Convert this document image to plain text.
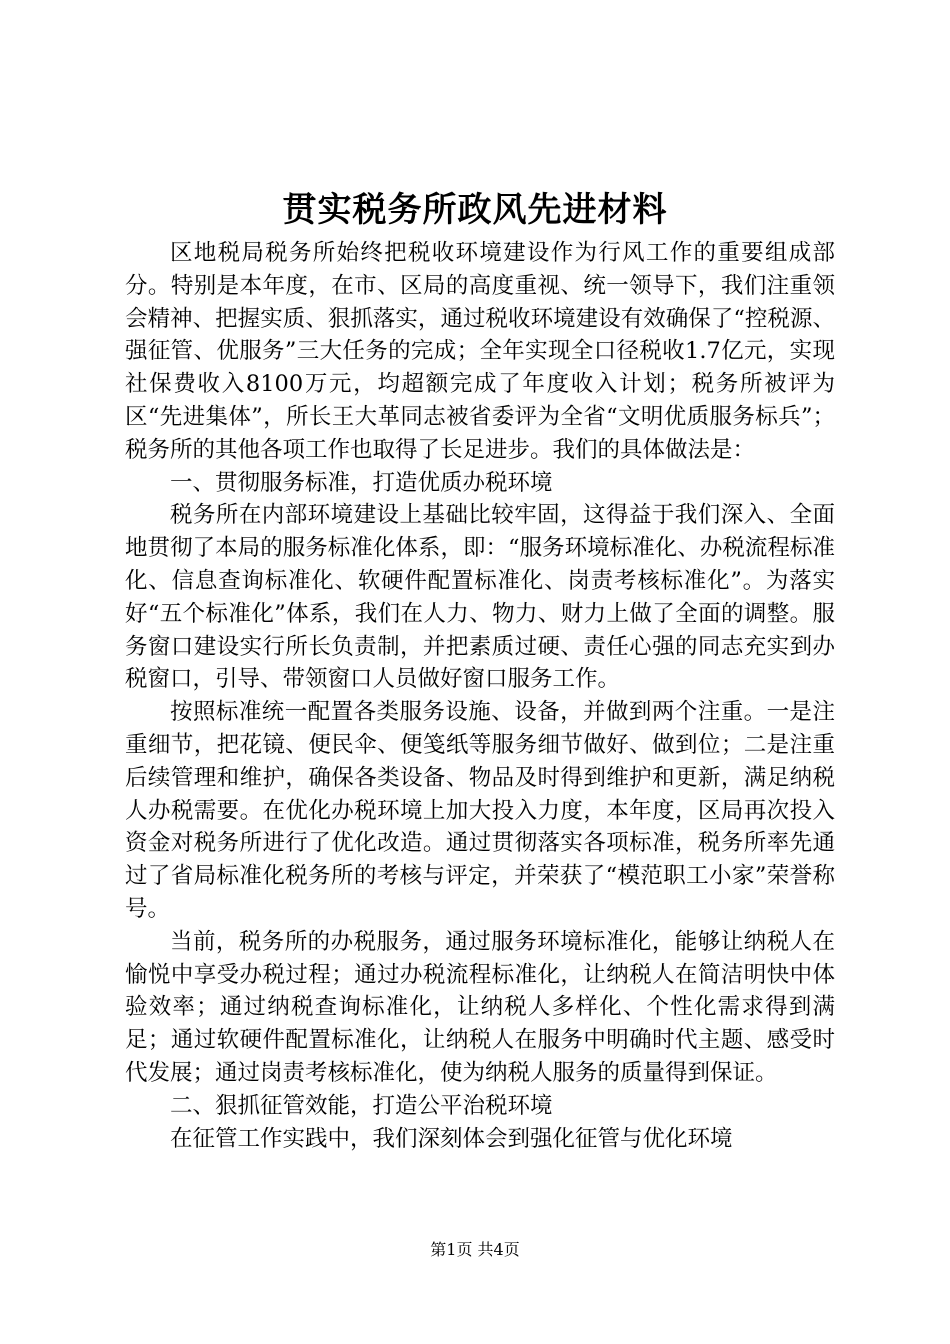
贯实税务所政风先进材料

区地税局税务所始终把税收环境建设作为行风工作的重要组成部分。特别是本年度，在市、区局的高度重视、统一领导下，我们注重领会精神、把握实质、狠抓落实，通过税收环境建设有效确保了“控税源、强征管、优服务”三大任务的完成；全年实现全口径税收1.7亿元，实现社保费收入8100万元，均超额完成了年度收入计划；税务所被评为区“先进集体”，所长王大革同志被省委评为全省“文明优质服务标兵”；税务所的其他各项工作也取得了长足进步。我们的具体做法是：

一、贯彻服务标准，打造优质办税环境

税务所在内部环境建设上基础比较牢固，这得益于我们深入、全面地贯彻了本局的服务标准化体系，即：“服务环境标准化、办税流程标准化、信息查询标准化、软硬件配置标准化、岗责考核标准化”。为落实好“五个标准化”体系，我们在人力、物力、财力上做了全面的调整。服务窗口建设实行所长负责制，并把素质过硬、责任心强的同志充实到办税窗口，引导、带领窗口人员做好窗口服务工作。

按照标准统一配置各类服务设施、设备，并做到两个注重。一是注重细节，把花镜、便民伞、便笺纸等服务细节做好、做到位；二是注重后续管理和维护，确保各类设备、物品及时得到维护和更新，满足纳税人办税需要。在优化办税环境上加大投入力度，本年度，区局再次投入资金对税务所进行了优化改造。通过贯彻落实各项标准，税务所率先通过了省局标准化税务所的考核与评定，并荣获了“模范职工小家”荣誉称号。

当前，税务所的办税服务，通过服务环境标准化，能够让纳税人在愉悦中享受办税过程；通过办税流程标准化，让纳税人在简洁明快中体验效率；通过纳税查询标准化，让纳税人多样化、个性化需求得到满足；通过软硬件配置标准化，让纳税人在服务中明确时代主题、感受时代发展；通过岗责考核标准化，使为纳税人服务的质量得到保证。

二、狠抓征管效能，打造公平治税环境

在征管工作实践中，我们深刻体会到强化征管与优化环境

第1页 共4页
